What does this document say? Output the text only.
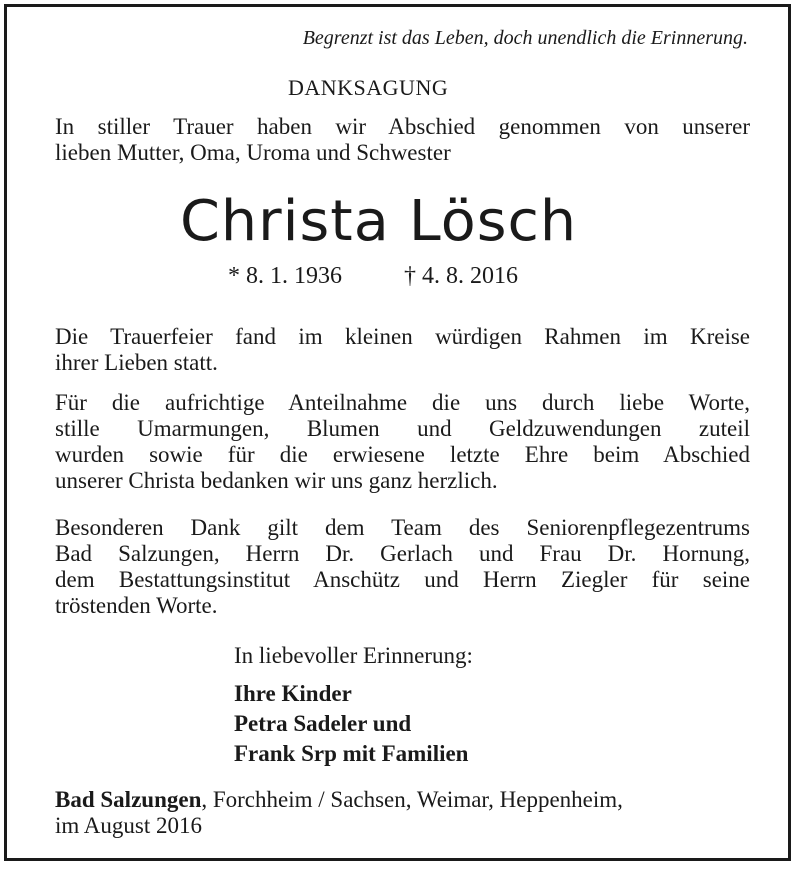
Begrenzt ist das Leben, doch unendlich die Erinnerung.
DANKSAGUNG
In stiller Trauer haben wir Abschied genommen von unserer
lieben Mutter, Oma, Uroma und Schwester
Christa Lösch
* 8. 1. 1936	† 4. 8. 2016
Die Trauerfeier fand im kleinen würdigen Rahmen im Kreise
ihrer Lieben statt.
Für die aufrichtige Anteilnahme die uns durch liebe Worte,
stille Umarmungen, Blumen und Geldzuwendungen zuteil
wurden sowie für die erwiesene letzte Ehre beim Abschied
unserer Christa bedanken wir uns ganz herzlich.
Besonderen Dank gilt dem Team des Seniorenpflegezentrums
Bad Salzungen, Herrn Dr. Gerlach und Frau Dr. Hornung,
dem Bestattungsinstitut Anschütz und Herrn Ziegler für seine
tröstenden Worte.
In liebevoller Erinnerung:
Ihre Kinder
Petra Sadeler und
Frank Srp mit Familien
Bad Salzungen, Forchheim / Sachsen, Weimar, Heppenheim,
im August 2016
